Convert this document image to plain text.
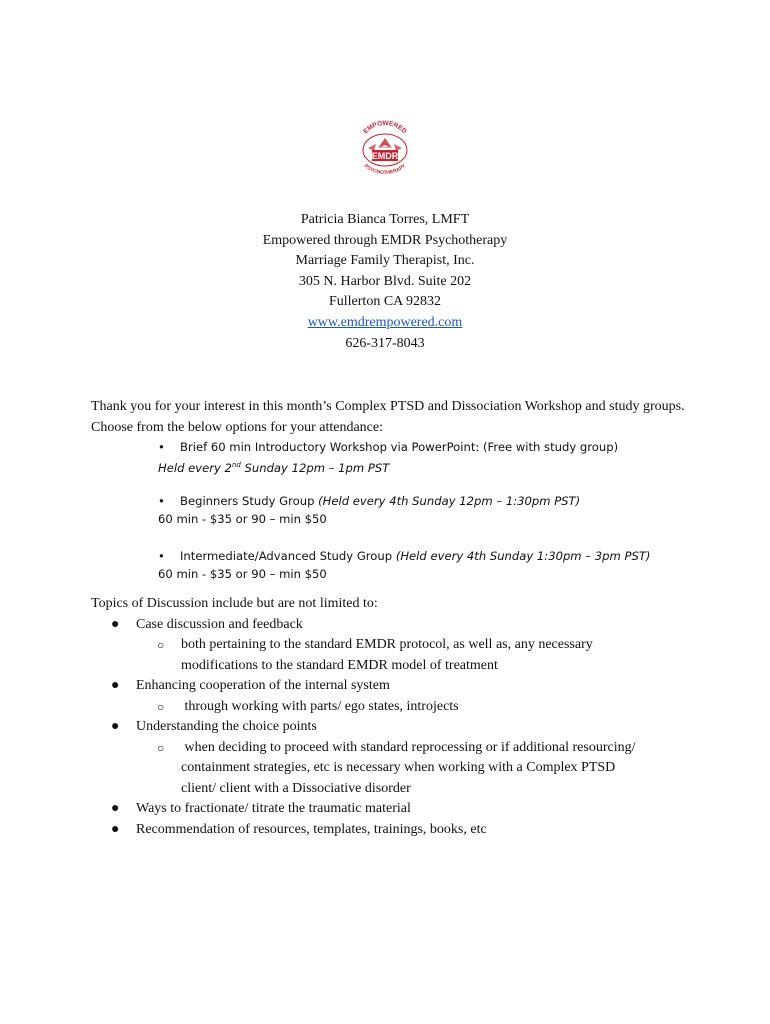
through
EMDR
EMPOWERED
PSYCHOTHERAPY
Patricia Bianca Torres, LMFT
Empowered through EMDR Psychotherapy
Marriage Family Therapist, Inc.
305 N. Harbor Blvd. Suite 202
Fullerton CA 92832
www.emdrempowered.com
626-317-8043
Thank you for your interest in this month’s Complex PTSD and Dissociation Workshop and study groups. Choose from the below options for your attendance:
• Brief 60 min Introductory Workshop via PowerPoint: (Free with study group)
Held every 2nd Sunday 12pm – 1pm PST
• Beginners Study Group (Held every 4th Sunday 12pm – 1:30pm PST)
60 min - $35 or 90 – min $50
• Intermediate/Advanced Study Group (Held every 4th Sunday 1:30pm – 3pm PST)
60 min - $35 or 90 – min $50
Topics of Discussion include but are not limited to:
● Case discussion and feedback
○ both pertaining to the standard EMDR protocol, as well as, any necessary
modifications to the standard EMDR model of treatment
● Enhancing cooperation of the internal system
○ through working with parts/ ego states, introjects
● Understanding the choice points
○ when deciding to proceed with standard reprocessing or if additional resourcing/
containment strategies, etc is necessary when working with a Complex PTSD
client/ client with a Dissociative disorder
● Ways to fractionate/ titrate the traumatic material
● Recommendation of resources, templates, trainings, books, etc
